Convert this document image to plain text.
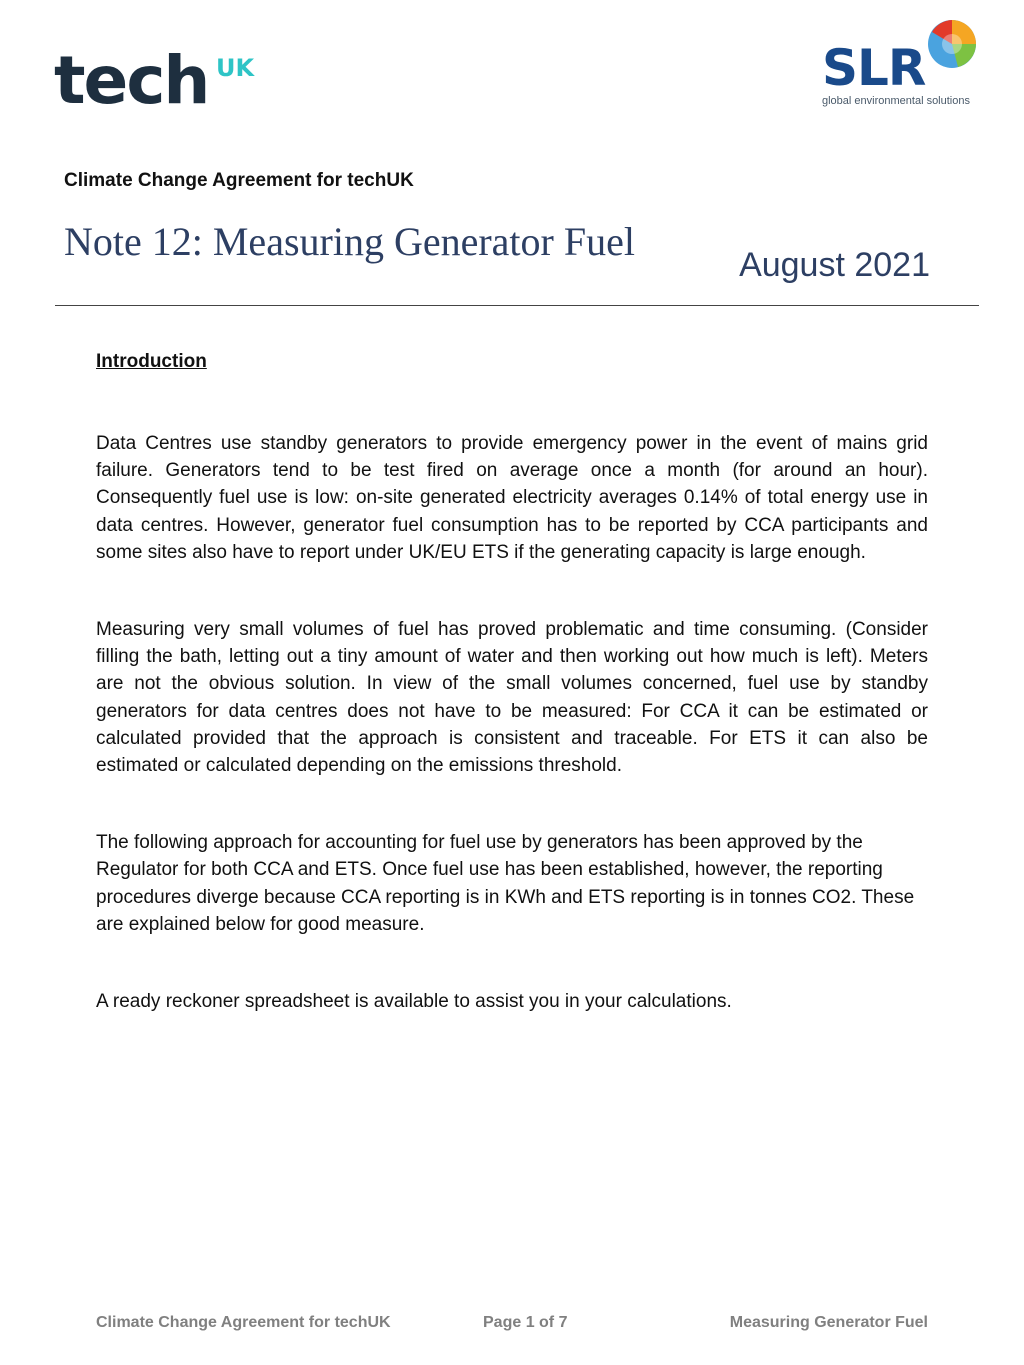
tech UK	SLR
global environmental solutions
Climate Change Agreement for techUK
Note 12: Measuring Generator Fuel
August 2021

Introduction

Data Centres use standby generators to provide emergency power in the event of mains grid failure. Generators tend to be test fired on average once a month (for around an hour). Consequently fuel use is low: on-site generated electricity averages 0.14% of total energy use in data centres. However, generator fuel consumption has to be reported by CCA participants and some sites also have to report under UK/EU ETS if the generating capacity is large enough.

Measuring very small volumes of fuel has proved problematic and time consuming. (Consider filling the bath, letting out a tiny amount of water and then working out how much is left). Meters are not the obvious solution. In view of the small volumes concerned, fuel use by standby generators for data centres does not have to be measured: For CCA it can be estimated or calculated provided that the approach is consistent and traceable. For ETS it can also be estimated or calculated depending on the emissions threshold.

The following approach for accounting for fuel use by generators has been approved by the Regulator for both CCA and ETS. Once fuel use has been established, however, the reporting procedures diverge because CCA reporting is in KWh and ETS reporting is in tonnes CO2. These are explained below for good measure.

A ready reckoner spreadsheet is available to assist you in your calculations.

Climate Change Agreement for techUK	Page 1 of 7	Measuring Generator Fuel
